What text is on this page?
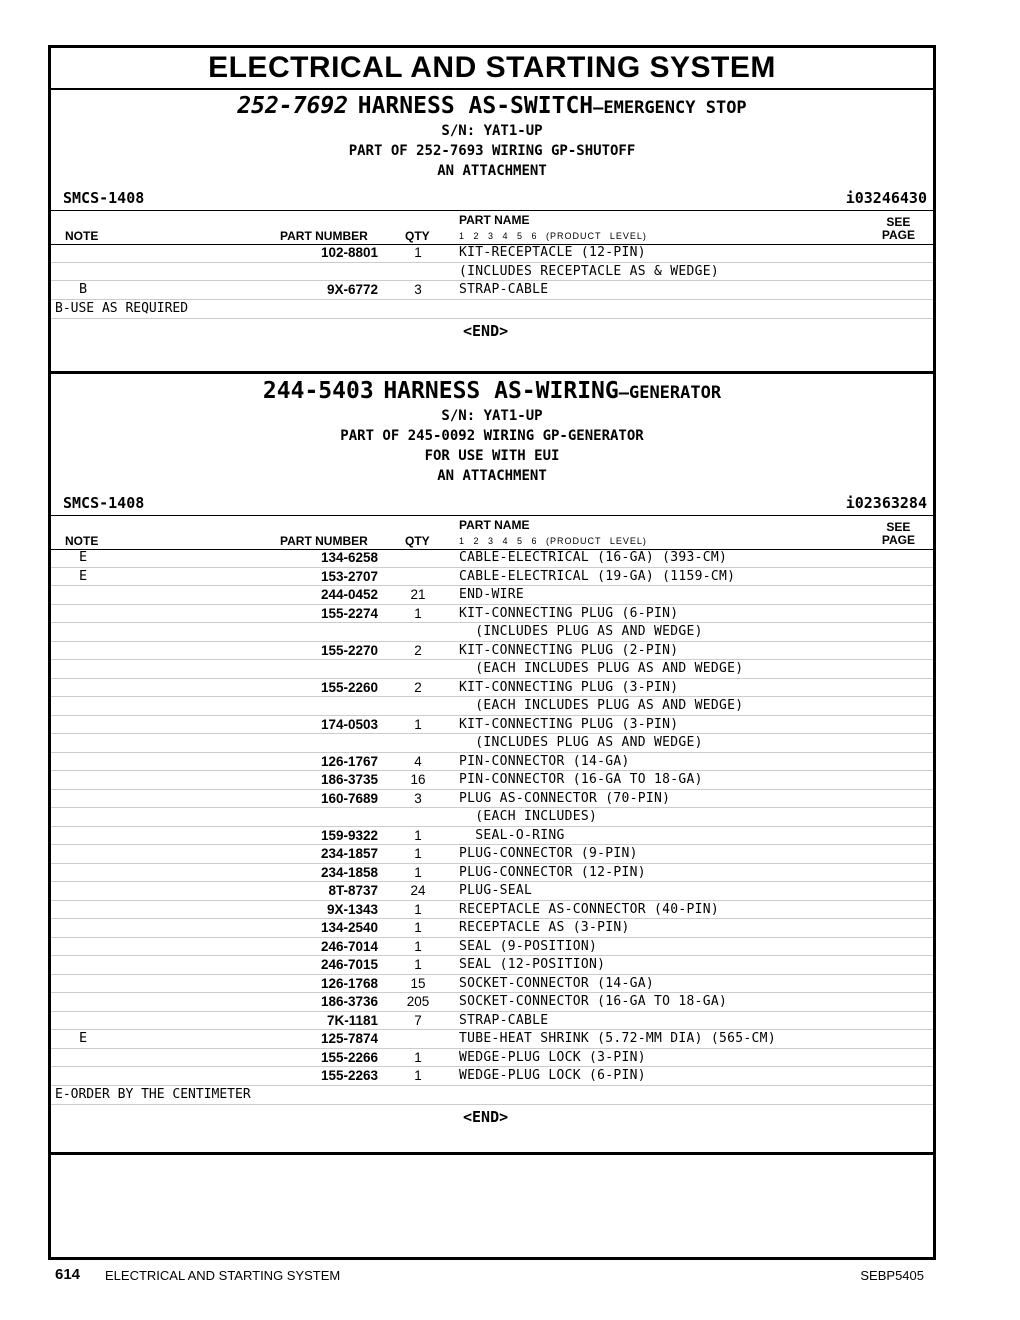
ELECTRICAL AND STARTING SYSTEM
252-7692 HARNESS AS-SWITCH–EMERGENCY STOP
S/N: YAT1-UP
PART OF 252-7693 WIRING GP-SHUTOFF
AN ATTACHMENT
SMCS-1408	i03246430
NOTE	PART NUMBER	QTY
PART NAME
1 2 3 4 5 6 (PRODUCT LEVEL)
SEE
PAGE
102-8801	1	KIT-RECEPTACLE (12-PIN)
(INCLUDES RECEPTACLE AS & WEDGE)
B	9X-6772	3	STRAP-CABLE
B-USE AS REQUIRED
<END>
244-5403 HARNESS AS-WIRING–GENERATOR
S/N: YAT1-UP
PART OF 245-0092 WIRING GP-GENERATOR
FOR USE WITH EUI
AN ATTACHMENT
SMCS-1408	i02363284
NOTE	PART NUMBER	QTY
PART NAME
1 2 3 4 5 6 (PRODUCT LEVEL)
SEE
PAGE
E	134-6258	CABLE-ELECTRICAL (16-GA) (393-CM)
E	153-2707	CABLE-ELECTRICAL (19-GA) (1159-CM)
244-0452	21	END-WIRE
155-2274	1	KIT-CONNECTING PLUG (6-PIN)
(INCLUDES PLUG AS AND WEDGE)
155-2270	2	KIT-CONNECTING PLUG (2-PIN)
(EACH INCLUDES PLUG AS AND WEDGE)
155-2260	2	KIT-CONNECTING PLUG (3-PIN)
(EACH INCLUDES PLUG AS AND WEDGE)
174-0503	1	KIT-CONNECTING PLUG (3-PIN)
(INCLUDES PLUG AS AND WEDGE)
126-1767	4	PIN-CONNECTOR (14-GA)
186-3735	16	PIN-CONNECTOR (16-GA TO 18-GA)
160-7689	3	PLUG AS-CONNECTOR (70-PIN)
(EACH INCLUDES)
159-9322	1	SEAL-O-RING
234-1857	1	PLUG-CONNECTOR (9-PIN)
234-1858	1	PLUG-CONNECTOR (12-PIN)
8T-8737	24	PLUG-SEAL
9X-1343	1	RECEPTACLE AS-CONNECTOR (40-PIN)
134-2540	1	RECEPTACLE AS (3-PIN)
246-7014	1	SEAL (9-POSITION)
246-7015	1	SEAL (12-POSITION)
126-1768	15	SOCKET-CONNECTOR (14-GA)
186-3736 205 SOCKET-CONNECTOR (16-GA TO 18-GA)
7K-1181	7	STRAP-CABLE
E	125-7874	TUBE-HEAT SHRINK (5.72-MM DIA) (565-CM)
155-2266	1	WEDGE-PLUG LOCK (3-PIN)
155-2263	1	WEDGE-PLUG LOCK (6-PIN)
E-ORDER BY THE CENTIMETER
<END>
614 ELECTRICAL AND STARTING SYSTEM	SEBP5405
